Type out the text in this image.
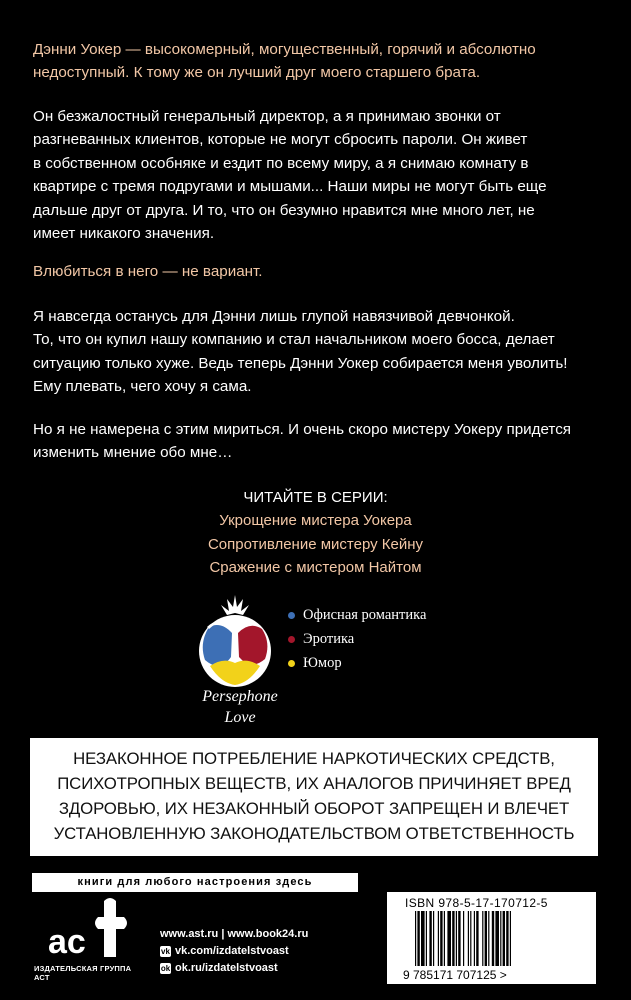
Дэнни Уокер — высокомерный, могущественный, горячий и абсолютно

недоступный. К тому же он лучший друг моего старшего брата.

Он безжалостный генеральный директор, а я принимаю звонки от

разгневанных клиентов, которые не могут сбросить пароли. Он живет

в собственном особняке и ездит по всему миру, а я снимаю комнату в

квартире с тремя подругами и мышами... Наши миры не могут быть еще

дальше друг от друга. И то, что он безумно нравится мне много лет, не

имеет никакого значения.

Влюбиться в него — не вариант.

Я навсегда останусь для Дэнни лишь глупой навязчивой девчонкой.

То, что он купил нашу компанию и стал начальником моего босса, делает

ситуацию только хуже. Ведь теперь Дэнни Уокер собирается меня уволить!

Ему плевать, чего хочу я сама.

Но я не намерена с этим мириться. И очень скоро мистеру Уокеру придется

изменить мнение обо мне…

ЧИТАЙТЕ В СЕРИИ:
Укрощение мистера Уокера
Сопротивление мистеру Кейну
Сражение с мистером Найтом
Persephone
Love
Офисная романтика
Эротика
Юмор
НЕЗАКОННОЕ ПОТРЕБЛЕНИЕ НАРКОТИЧЕСКИХ СРЕДСТВ,
ПСИХОТРОПНЫХ ВЕЩЕСТВ, ИХ АНАЛОГОВ ПРИЧИНЯЕТ ВРЕД
ЗДОРОВЬЮ, ИХ НЕЗАКОННЫЙ ОБОРОТ ЗАПРЕЩЕН И ВЛЕЧЕТ
УСТАНОВЛЕННУЮ ЗАКОНОДАТЕЛЬСТВОМ ОТВЕТСТВЕННОСТЬ
книги для любого настроения здесь
ac
ИЗДАТЕЛЬСКАЯ ГРУППА АСТ
www.ast.ru | www.book24.ru
vk vk.com/izdatelstvoast
ok ok.ru/izdatelstvoast
ISBN 978-5-17-170712-5
9 785171 707125 >
